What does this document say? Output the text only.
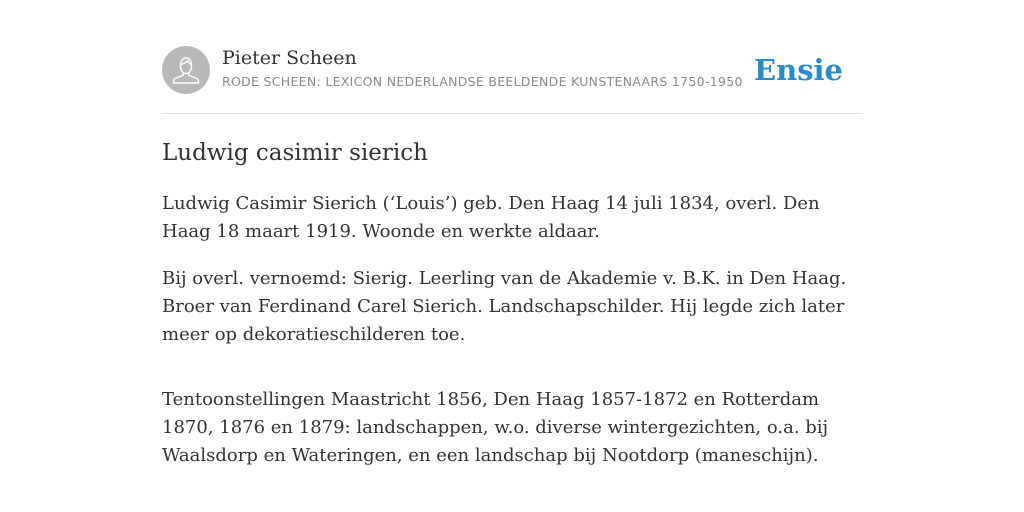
Pieter Scheen
RODE SCHEEN: LEXICON NEDERLANDSE BEELDENDE KUNSTENAARS 1750-1950 Ensie
Ludwig casimir sierich

Ludwig Casimir Sierich (‘Louis’) geb. Den Haag 14 juli 1834, overl. Den Haag 18 maart 1919. Woonde en werkte aldaar.

Bij overl. vernoemd: Sierig. Leerling van de Akademie v. B.K. in Den Haag. Broer van Ferdinand Carel Sierich. Landschapschilder. Hij legde zich later meer op dekoratieschilderen toe.

Tentoonstellingen Maastricht 1856, Den Haag 1857-1872 en Rotterdam 1870, 1876 en 1879: landschappen, w.o. diverse wintergezichten, o.a. bij Waalsdorp en Wateringen, en een landschap bij Nootdorp (maneschijn).
